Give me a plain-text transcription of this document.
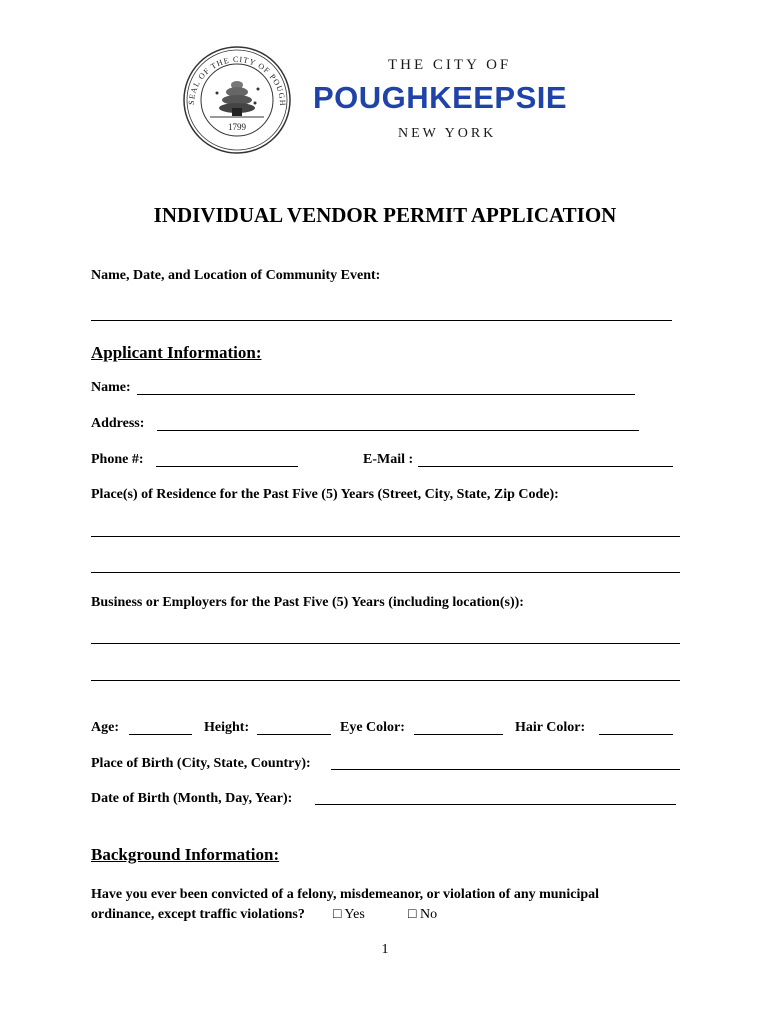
SEAL OF THE CITY OF POUGH
1799
THE CITY OF
POUGHKEEPSIE
NEW YORK
INDIVIDUAL VENDOR PERMIT APPLICATION
Name, Date, and Location of Community Event:
Applicant Information:
Name:
Address:
Phone #:	E-Mail :
Place(s) of Residence for the Past Five (5) Years (Street, City, State, Zip Code):
Business or Employers for the Past Five (5) Years (including location(s)):
Age:	Height:	Eye Color:	Hair Color:
Place of Birth (City, State, Country):
Date of Birth (Month, Day, Year):
Background Information:
Have you ever been convicted of a felony, misdemeanor, or violation of any municipal
ordinance, except traffic violations? □ Yes	□ No
1
